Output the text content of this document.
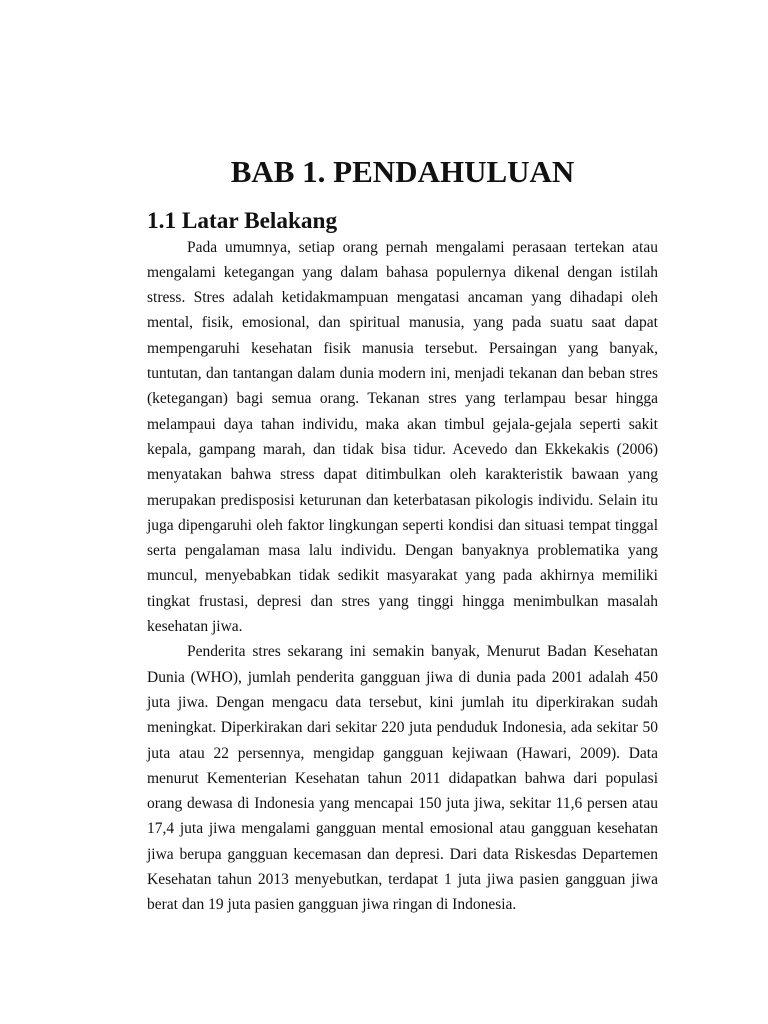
BAB 1. PENDAHULUAN
1.1 Latar Belakang

Pada umumnya, setiap orang pernah mengalami perasaan tertekan atau mengalami ketegangan yang dalam bahasa populernya dikenal dengan istilah stress. Stres adalah ketidakmampuan mengatasi ancaman yang dihadapi oleh mental, fisik, emosional, dan spiritual manusia, yang pada suatu saat dapat mempengaruhi kesehatan fisik manusia tersebut. Persaingan yang banyak, tuntutan, dan tantangan dalam dunia modern ini, menjadi tekanan dan beban stres (ketegangan) bagi semua orang. Tekanan stres yang terlampau besar hingga melampaui daya tahan individu, maka akan timbul gejala-gejala seperti sakit kepala, gampang marah, dan tidak bisa tidur. Acevedo dan Ekkekakis (2006) menyatakan bahwa stress dapat ditimbulkan oleh karakteristik bawaan yang merupakan predisposisi keturunan dan keterbatasan pikologis individu. Selain itu juga dipengaruhi oleh faktor lingkungan seperti kondisi dan situasi tempat tinggal serta pengalaman masa lalu individu. Dengan banyaknya problematika yang muncul, menyebabkan tidak sedikit masyarakat yang pada akhirnya memiliki tingkat frustasi, depresi dan stres yang tinggi hingga menimbulkan masalah kesehatan jiwa.

Penderita stres sekarang ini semakin banyak, Menurut Badan Kesehatan Dunia (WHO), jumlah penderita gangguan jiwa di dunia pada 2001 adalah 450 juta jiwa. Dengan mengacu data tersebut, kini jumlah itu diperkirakan sudah meningkat. Diperkirakan dari sekitar 220 juta penduduk Indonesia, ada sekitar 50 juta atau 22 persennya, mengidap gangguan kejiwaan (Hawari, 2009). Data menurut Kementerian Kesehatan tahun 2011 didapatkan bahwa dari populasi orang dewasa di Indonesia yang mencapai 150 juta jiwa, sekitar 11,6 persen atau 17,4 juta jiwa mengalami gangguan mental emosional atau gangguan kesehatan jiwa berupa gangguan kecemasan dan depresi. Dari data Riskesdas Departemen Kesehatan tahun 2013 menyebutkan, terdapat 1 juta jiwa pasien gangguan jiwa berat dan 19 juta pasien gangguan jiwa ringan di Indonesia.
